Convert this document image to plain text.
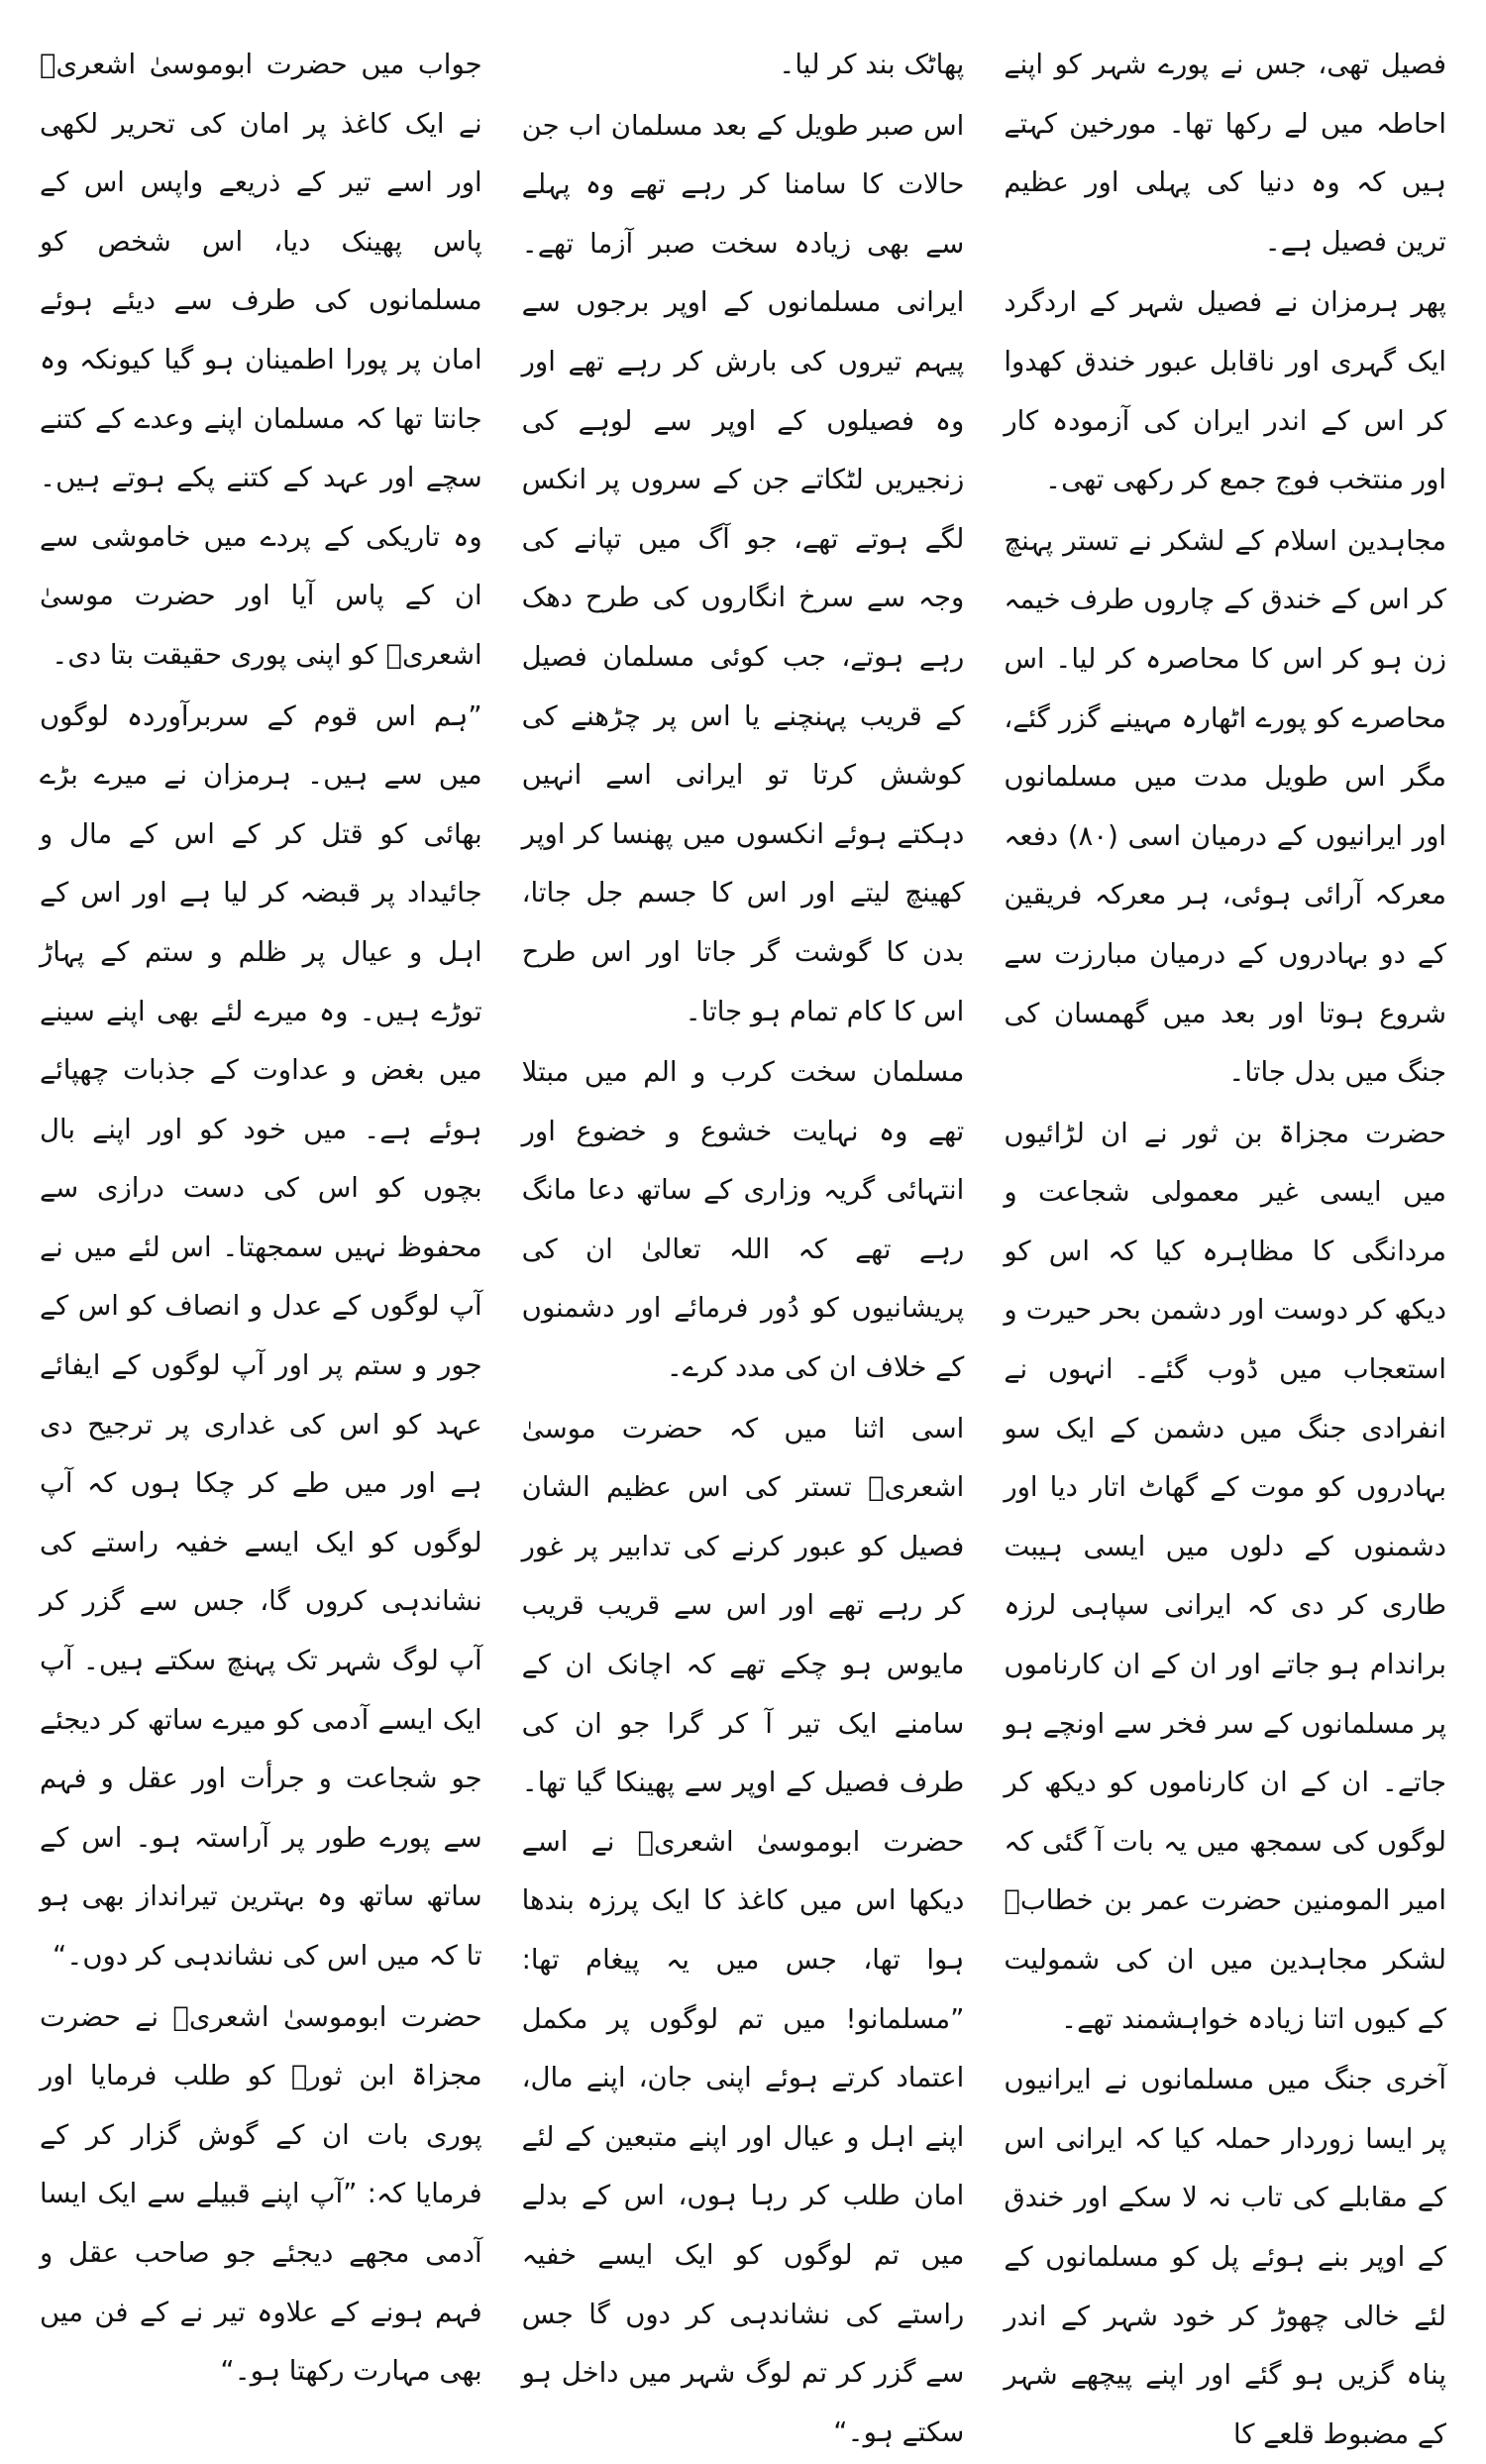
فصیل تھی، جس نے پورے شہر کو اپنے احاطہ میں لے رکھا تھا۔ مورخین کہتے ہیں کہ وہ دنیا کی پہلی اور عظیم ترین فصیل ہے۔

پھر ہرمزان نے فصیل شہر کے اردگرد ایک گہری اور ناقابل عبور خندق کھدوا کر اس کے اندر ایران کی آزمودہ کار اور منتخب فوج جمع کر رکھی تھی۔

مجاہدین اسلام کے لشکر نے تستر پہنچ کر اس کے خندق کے چاروں طرف خیمہ زن ہو کر اس کا محاصرہ کر لیا۔ اس محاصرے کو پورے اٹھارہ مہینے گزر گئے، مگر اس طویل مدت میں مسلمانوں اور ایرانیوں کے درمیان اسی (۸۰) دفعہ معرکہ آرائی ہوئی، ہر معرکہ فریقین کے دو بہادروں کے درمیان مبارزت سے شروع ہوتا اور بعد میں گھمسان کی جنگ میں بدل جاتا۔

حضرت مجزاۃ بن ثور نے ان لڑائیوں میں ایسی غیر معمولی شجاعت و مردانگی کا مظاہرہ کیا کہ اس کو دیکھ کر دوست اور دشمن بحر حیرت و استعجاب میں ڈوب گئے۔ انہوں نے انفرادی جنگ میں دشمن کے ایک سو بہادروں کو موت کے گھاٹ اتار دیا اور دشمنوں کے دلوں میں ایسی ہیبت طاری کر دی کہ ایرانی سپاہی لرزہ براندام ہو جاتے اور ان کے ان کارناموں پر مسلمانوں کے سر فخر سے اونچے ہو جاتے۔ ان کے ان کارناموں کو دیکھ کر لوگوں کی سمجھ میں یہ بات آ گئی کہ امیر المومنین حضرت عمر بن خطابؓ لشکر مجاہدین میں ان کی شمولیت کے کیوں اتنا زیادہ خواہشمند تھے۔

آخری جنگ میں مسلمانوں نے ایرانیوں پر ایسا زوردار حملہ کیا کہ ایرانی اس کے مقابلے کی تاب نہ لا سکے اور خندق کے اوپر بنے ہوئے پل کو مسلمانوں کے لئے خالی چھوڑ کر خود شہر کے اندر پناہ گزیں ہو گئے اور اپنے پیچھے شہر کے مضبوط قلعے کا

پھاٹک بند کر لیا۔

اس صبر طویل کے بعد مسلمان اب جن حالات کا سامنا کر رہے تھے وہ پہلے سے بھی زیادہ سخت صبر آزما تھے۔ ایرانی مسلمانوں کے اوپر برجوں سے پیہم تیروں کی بارش کر رہے تھے اور وہ فصیلوں کے اوپر سے لوہے کی زنجیریں لٹکاتے جن کے سروں پر انکس لگے ہوتے تھے، جو آگ میں تپانے کی وجہ سے سرخ انگاروں کی طرح دھک رہے ہوتے، جب کوئی مسلمان فصیل کے قریب پہنچنے یا اس پر چڑھنے کی کوشش کرتا تو ایرانی اسے انہیں دہکتے ہوئے انکسوں میں پھنسا کر اوپر کھینچ لیتے اور اس کا جسم جل جاتا، بدن کا گوشت گر جاتا اور اس طرح اس کا کام تمام ہو جاتا۔

مسلمان سخت کرب و الم میں مبتلا تھے وہ نہایت خشوع و خضوع اور انتہائی گریہ وزاری کے ساتھ دعا مانگ رہے تھے کہ اللہ تعالیٰ ان کی پریشانیوں کو دُور فرمائے اور دشمنوں کے خلاف ان کی مدد کرے۔

اسی اثنا میں کہ حضرت موسیٰ اشعریؓ تستر کی اس عظیم الشان فصیل کو عبور کرنے کی تدابیر پر غور کر رہے تھے اور اس سے قریب قریب مایوس ہو چکے تھے کہ اچانک ان کے سامنے ایک تیر آ کر گرا جو ان کی طرف فصیل کے اوپر سے پھینکا گیا تھا۔ حضرت ابوموسیٰ اشعریؓ نے اسے دیکھا اس میں کاغذ کا ایک پرزہ بندھا ہوا تھا، جس میں یہ پیغام تھا: ”مسلمانو! میں تم لوگوں پر مکمل اعتماد کرتے ہوئے اپنی جان، اپنے مال، اپنے اہل و عیال اور اپنے متبعین کے لئے امان طلب کر رہا ہوں، اس کے بدلے میں تم لوگوں کو ایک ایسے خفیہ راستے کی نشاندہی کر دوں گا جس سے گزر کر تم لوگ شہر میں داخل ہو سکتے ہو۔“

جواب میں حضرت ابوموسیٰ اشعریؓ نے ایک کاغذ پر امان کی تحریر لکھی اور اسے تیر کے ذریعے واپس اس کے پاس پھینک دیا، اس شخص کو مسلمانوں کی طرف سے دیئے ہوئے امان پر پورا اطمینان ہو گیا کیونکہ وہ جانتا تھا کہ مسلمان اپنے وعدے کے کتنے سچے اور عہد کے کتنے پکے ہوتے ہیں۔ وہ تاریکی کے پردے میں خاموشی سے ان کے پاس آیا اور حضرت موسیٰ اشعریؓ کو اپنی پوری حقیقت بتا دی۔

”ہم اس قوم کے سربرآوردہ لوگوں میں سے ہیں۔ ہرمزان نے میرے بڑے بھائی کو قتل کر کے اس کے مال و جائیداد پر قبضہ کر لیا ہے اور اس کے اہل و عیال پر ظلم و ستم کے پہاڑ توڑے ہیں۔ وہ میرے لئے بھی اپنے سینے میں بغض و عداوت کے جذبات چھپائے ہوئے ہے۔ میں خود کو اور اپنے بال بچوں کو اس کی دست درازی سے محفوظ نہیں سمجھتا۔ اس لئے میں نے آپ لوگوں کے عدل و انصاف کو اس کے جور و ستم پر اور آپ لوگوں کے ایفائے عہد کو اس کی غداری پر ترجیح دی ہے اور میں طے کر چکا ہوں کہ آپ لوگوں کو ایک ایسے خفیہ راستے کی نشاندہی کروں گا، جس سے گزر کر آپ لوگ شہر تک پہنچ سکتے ہیں۔ آپ ایک ایسے آدمی کو میرے ساتھ کر دیجئے جو شجاعت و جرأت اور عقل و فہم سے پورے طور پر آراستہ ہو۔ اس کے ساتھ ساتھ وہ بہترین تیرانداز بھی ہو تا کہ میں اس کی نشاندہی کر دوں۔“

حضرت ابوموسیٰ اشعریؓ نے حضرت مجزاۃ ابن ثورؓ کو طلب فرمایا اور پوری بات ان کے گوش گزار کر کے فرمایا کہ: ”آپ اپنے قبیلے سے ایک ایسا آدمی مجھے دیجئے جو صاحب عقل و فہم ہونے کے علاوہ تیر نے کے فن میں بھی مہارت رکھتا ہو۔“
